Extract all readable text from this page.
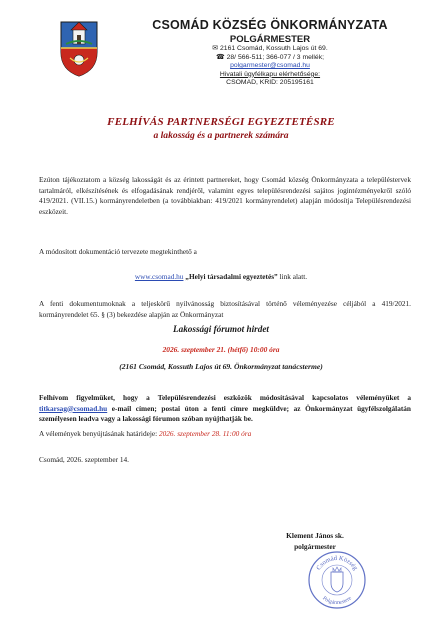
CSOMÁD KÖZSÉG ÖNKORMÁNYZATA
POLGÁRMESTER
✉ 2161 Csomád, Kossuth Lajos út 69.
☎ 28/ 566-511; 366-077 / 3 mellék;
polgarmester@csomad.hu
Hivatali ügyfélkapu elérhetősége:
CSOMAD, KRID: 205195161
FELHÍVÁS PARTNERSÉGI EGYEZTETÉSRE
a lakosság és a partnerek számára
Ezúton tájékoztatom a község lakosságát és az érintett partnereket, hogy Csomád község Önkormányzata a településtervek tartalmáról, elkészítésének és elfogadásának rendjéről, valamint egyes településrendezési sajátos jogintézményekről szóló 419/2021. (VII.15.) kormányrendeletben (a továbbiakban: 419/2021 kormányrendelet) alapján módosítja Településrendezési eszközeit.
A módosított dokumentáció tervezete megtekinthető a
www.csomad.hu „Helyi társadalmi egyeztetés” link alatt.
A fenti dokumentumoknak a teljeskörű nyilvánosság biztosításával történő véleményezése céljából a 419/2021. kormányrendelet 65. § (3) bekezdése alapján az Önkormányzat
Lakossági fórumot hirdet
2026. szeptember 21. (hétfő) 10:00 óra
(2161 Csomád, Kossuth Lajos út 69. Önkormányzat tanácsterme)
Felhívom figyelmüket, hogy a Településrendezési eszközök módosításával kapcsolatos véleményüket a titkarsag@csomad.hu e-mail címen; postai úton a fenti címre megküldve; az Önkormányzat ügyfélszolgálatán személyesen leadva vagy a lakossági fórumon szóban nyújthatják be.
A vélemények benyújtásának határideje: 2026. szeptember 28. 11:00 óra
Csomád, 2026. szeptember 14.
Klement János sk.
polgármester
Csomád Község
Polgármestere
